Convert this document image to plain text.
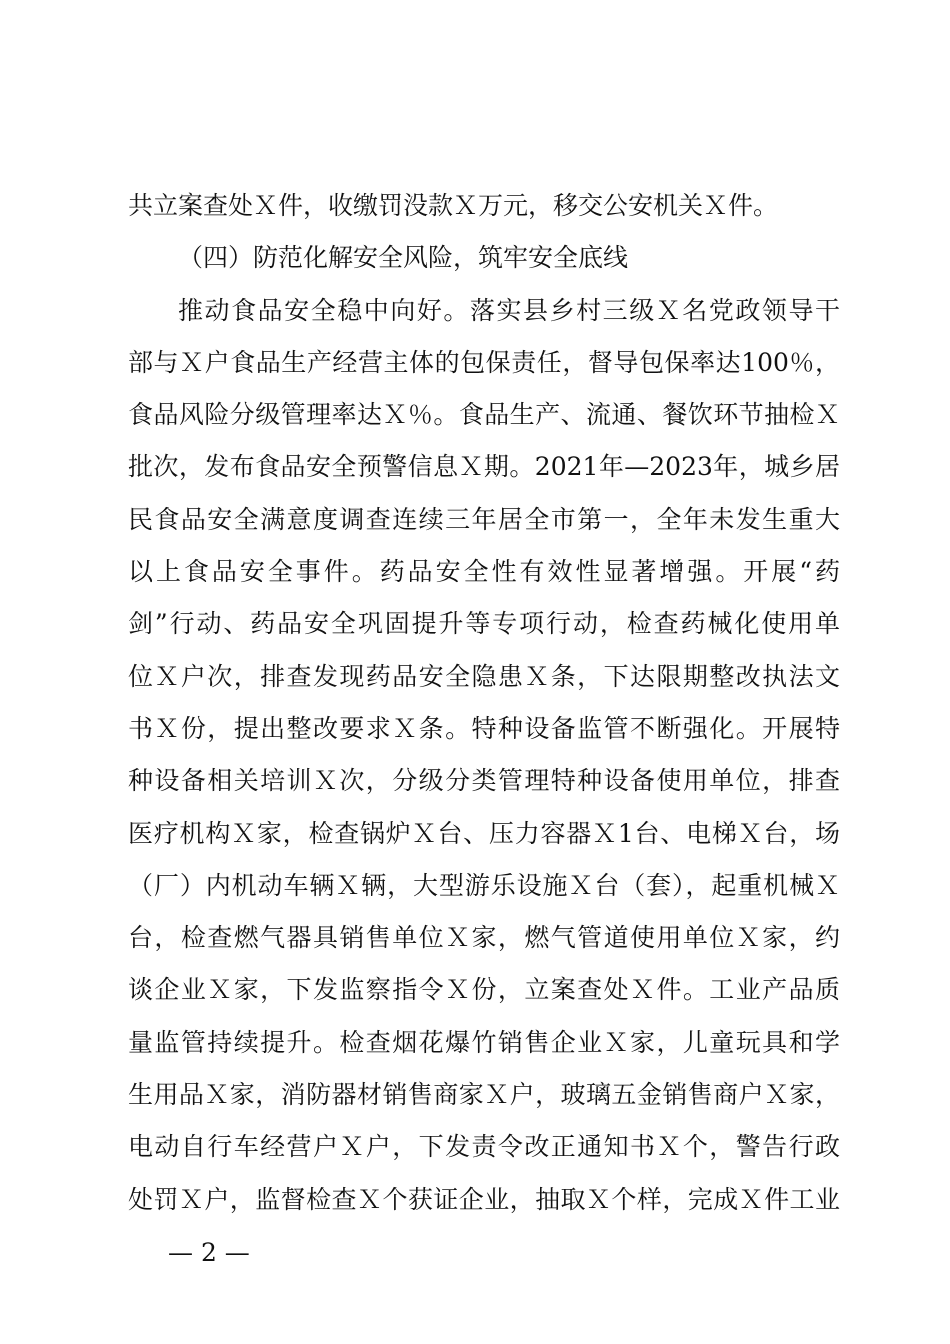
共立案查处Ｘ件，收缴罚没款Ｘ万元，移交公安机关Ｘ件。
（四）防范化解安全风险，筑牢安全底线
推动食品安全稳中向好。落实县乡村三级Ｘ名党政领导干
部与Ｘ户食品生产经营主体的包保责任，督导包保率达100％，
食品风险分级管理率达Ｘ％。食品生产、流通、餐饮环节抽检Ｘ
批次，发布食品安全预警信息Ｘ期。2021年—2023年，城乡居
民食品安全满意度调查连续三年居全市第一，全年未发生重大
以上食品安全事件。药品安全性有效性显著增强。开展“药
剑”行动、药品安全巩固提升等专项行动，检查药械化使用单
位Ｘ户次，排查发现药品安全隐患Ｘ条，下达限期整改执法文
书Ｘ份，提出整改要求Ｘ条。特种设备监管不断强化。开展特
种设备相关培训Ｘ次，分级分类管理特种设备使用单位，排查
医疗机构Ｘ家，检查锅炉Ｘ台、压力容器Ｘ1台、电梯Ｘ台，场
（厂）内机动车辆Ｘ辆，大型游乐设施Ｘ台（套），起重机械Ｘ
台，检查燃气器具销售单位Ｘ家，燃气管道使用单位Ｘ家，约
谈企业Ｘ家，下发监察指令Ｘ份，立案查处Ｘ件。工业产品质
量监管持续提升。检查烟花爆竹销售企业Ｘ家，儿童玩具和学
生用品Ｘ家，消防器材销售商家Ｘ户，玻璃五金销售商户Ｘ家，
电动自行车经营户Ｘ户，下发责令改正通知书Ｘ个，警告行政
处罚Ｘ户，监督检查Ｘ个获证企业，抽取Ｘ个样，完成Ｘ件工业
— 2 —
